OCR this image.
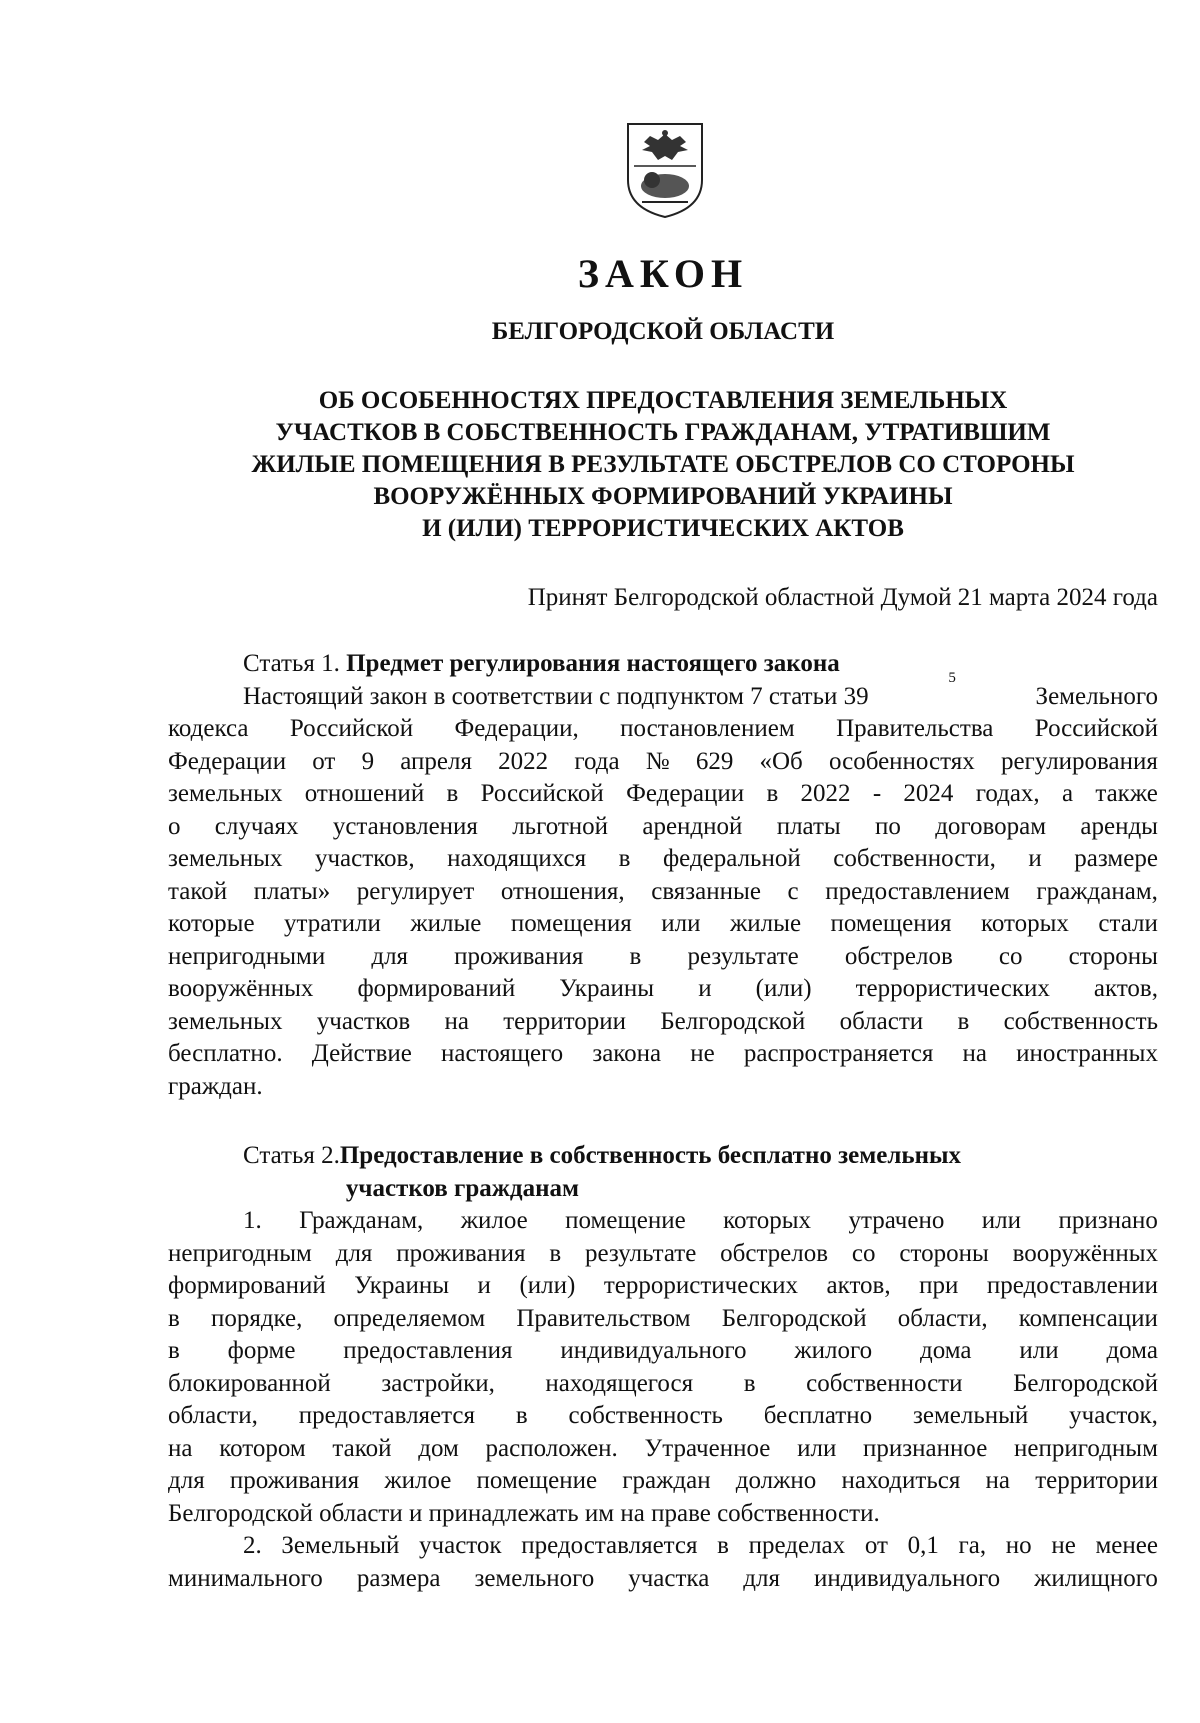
ЗАКОН
БЕЛГОРОДСКОЙ ОБЛАСТИ
ОБ ОСОБЕННОСТЯХ ПРЕДОСТАВЛЕНИЯ ЗЕМЕЛЬНЫХ
УЧАСТКОВ В СОБСТВЕННОСТЬ ГРАЖДАНАМ, УТРАТИВШИМ
ЖИЛЫЕ ПОМЕЩЕНИЯ В РЕЗУЛЬТАТЕ ОБСТРЕЛОВ СО СТОРОНЫ
ВООРУЖЁННЫХ ФОРМИРОВАНИЙ УКРАИНЫ
И (ИЛИ) ТЕРРОРИСТИЧЕСКИХ АКТОВ
Принят Белгородской областной Думой 21 марта 2024 года
Статья 1. Предмет регулирования настоящего закона
Настоящий закон в соответствии с подпунктом 7 статьи 39
$^5$
Земельного
кодекса Российской Федерации, постановлением Правительства Российской
Федерации от 9 апреля 2022 года № 629 «Об особенностях регулирования
земельных отношений в Российской Федерации в 2022 - 2024 годах, а также
о случаях установления льготной арендной платы по договорам аренды
земельных участков, находящихся в федеральной собственности, и размере
такой платы» регулирует отношения, связанные с предоставлением гражданам,
которые утратили жилые помещения или жилые помещения которых стали
непригодными для проживания в результате обстрелов со стороны
вооружённых формирований Украины и (или) террористических актов,
земельных участков на территории Белгородской области в собственность
бесплатно. Действие настоящего закона не распространяется на иностранных
граждан.
Статья 2. Предоставление в собственность бесплатно земельных
участков гражданам
1. Гражданам, жилое помещение которых утрачено или признано
непригодным для проживания в результате обстрелов со стороны вооружённых
формирований Украины и (или) террористических актов, при предоставлении
в порядке, определяемом Правительством Белгородской области, компенсации
в форме предоставления индивидуального жилого дома или дома
блокированной застройки, находящегося в собственности Белгородской
области, предоставляется в собственность бесплатно земельный участок,
на котором такой дом расположен. Утраченное или признанное непригодным
для проживания жилое помещение граждан должно находиться на территории
Белгородской области и принадлежать им на праве собственности.
2. Земельный участок предоставляется в пределах от 0,1 га, но не менее
минимального размера земельного участка для индивидуального жилищного
